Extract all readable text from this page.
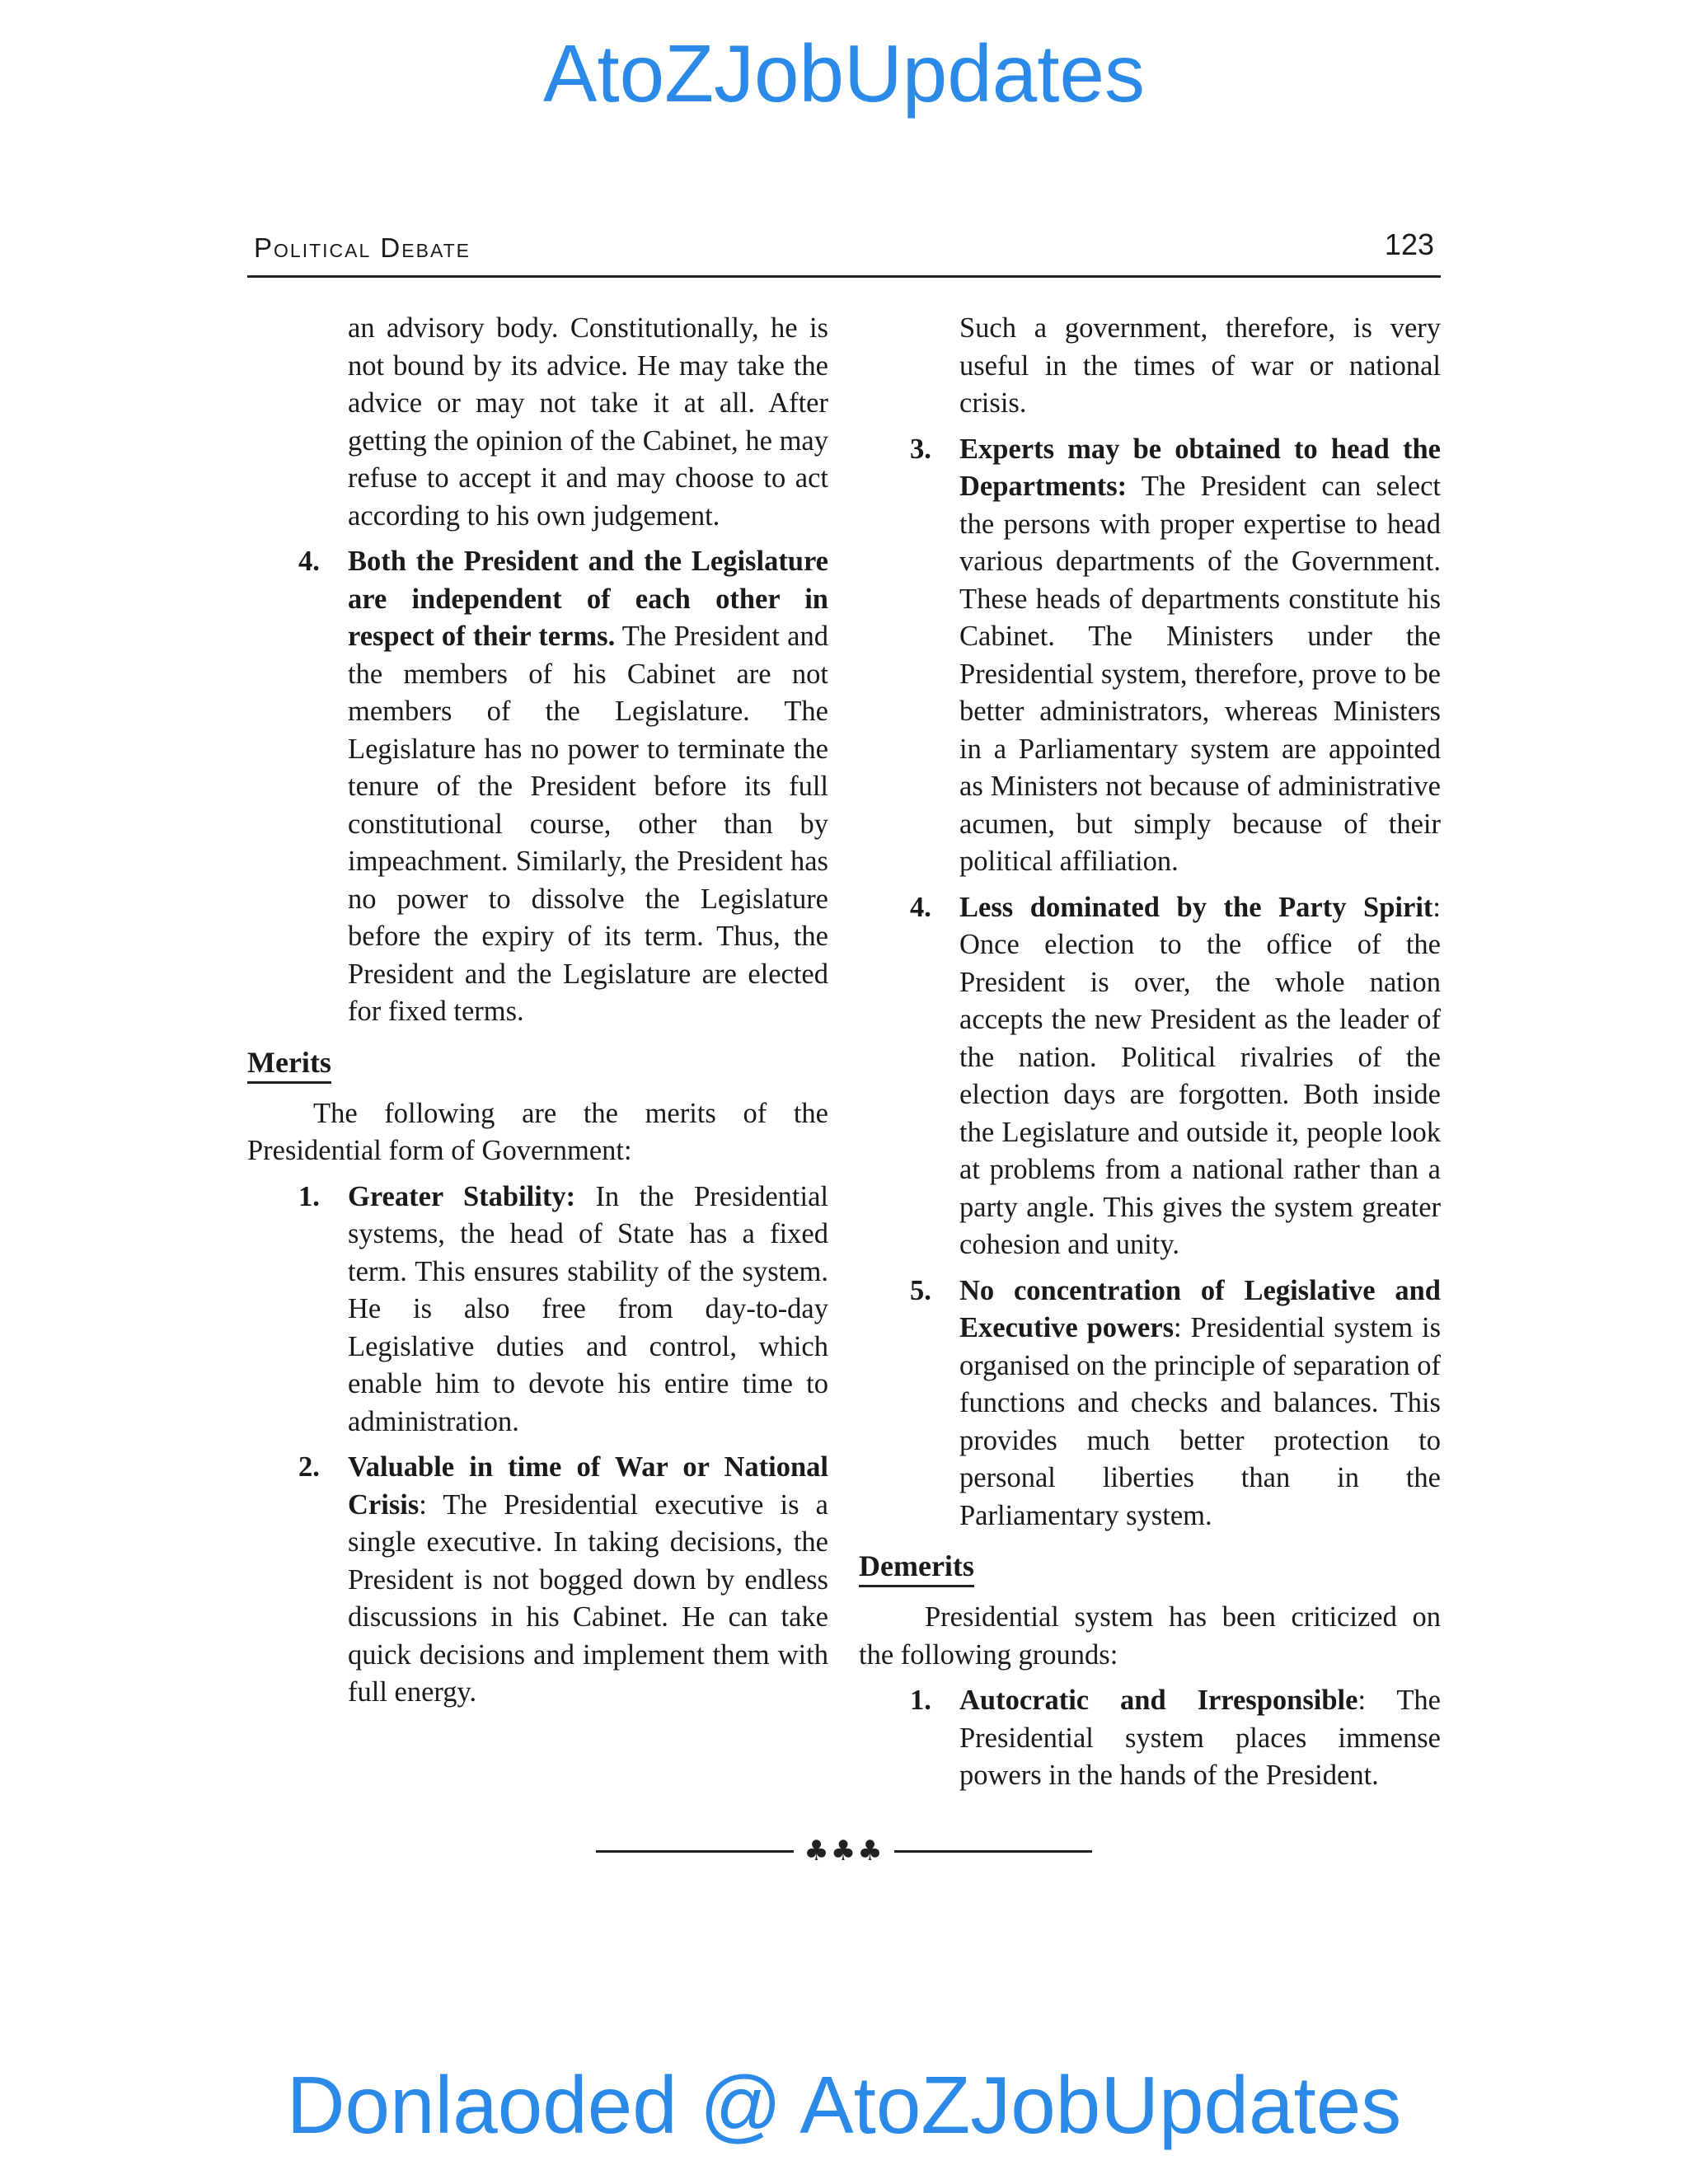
AtoZJobUpdates
Political Debate	123

an advisory body. Constitutionally, he is not bound by its advice. He may take the advice or may not take it at all. After getting the opinion of the Cabinet, he may refuse to accept it and may choose to act according to his own judgement.

4. Both the President and the Legislature are independent of each other in respect of their terms. The President and the members of his Cabinet are not members of the Legislature. The Legislature has no power to terminate the tenure of the President before its full constitutional course, other than by impeachment. Similarly, the President has no power to dissolve the Legislature before the expiry of its term. Thus, the President and the Legislature are elected for fixed terms.
Merits

The following are the merits of the Presidential form of Government:

1. Greater Stability: In the Presidential systems, the head of State has a fixed term. This ensures stability of the system. He is also free from day-to-day Legislative duties and control, which enable him to devote his entire time to administration.
2. Valuable in time of War or National Crisis: The Presidential executive is a single executive. In taking decisions, the President is not bogged down by endless discussions in his Cabinet. He can take quick decisions and implement them with full energy.

Such a government, therefore, is very useful in the times of war or national crisis.

3. Experts may be obtained to head the Departments: The President can select the persons with proper expertise to head various departments of the Government. These heads of departments constitute his Cabinet. The Ministers under the Presidential system, therefore, prove to be better administrators, whereas Ministers in a Parliamentary system are appointed as Ministers not because of administrative acumen, but simply because of their political affiliation.
4. Less dominated by the Party Spirit: Once election to the office of the President is over, the whole nation accepts the new President as the leader of the nation. Political rivalries of the election days are forgotten. Both inside the Legislature and outside it, people look at problems from a national rather than a party angle. This gives the system greater cohesion and unity.
5. No concentration of Legislative and Executive powers: Presidential system is organised on the principle of separation of functions and checks and balances. This provides much better protection to personal liberties than in the Parliamentary system.
Demerits

Presidential system has been criticized on the following grounds:

1. Autocratic and Irresponsible: The Presidential system places immense powers in the hands of the President.
♣♣♣
Donlaoded @ AtoZJobUpdates
